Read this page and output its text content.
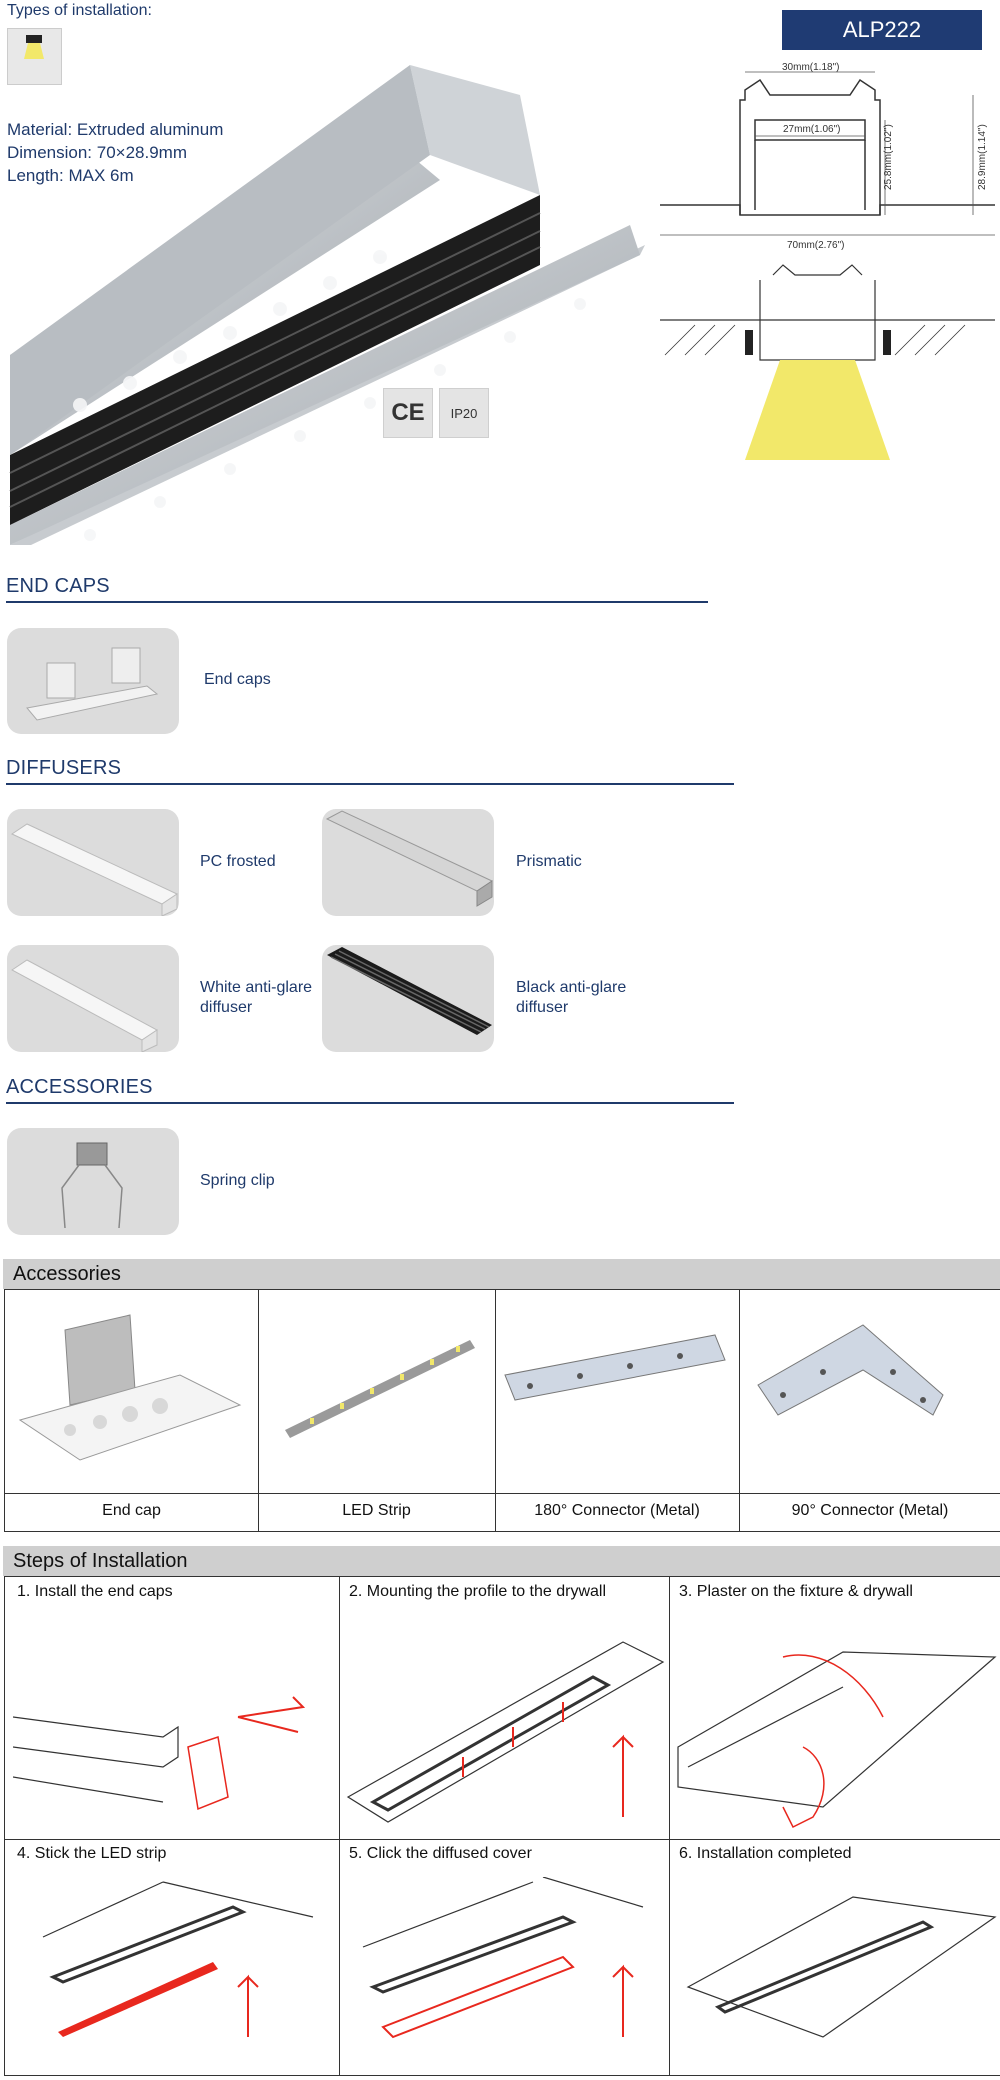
Types of installation:
Material: Extruded aluminum
Dimension: 70×28.9mm
Length: MAX 6m
CE	IP20
ALP222
30mm(1.18")
27mm(1.06")	25.8mm(1.02")	28.9mm(1.14")
70mm(2.76")
END CAPS
End caps
DIFFUSERS
PC frosted	Prismatic
White anti-glare diffuser
Black anti-glare diffuser
ACCESSORIES
Spring clip
Accessories
End cap	LED Strip	180° Connector (Metal)	90° Connector (Metal)
Steps of Installation
1. Install the end caps	2. Mounting the profile to the drywall	3. Plaster on the fixture & drywall
4. Stick the LED strip	5. Click the diffused cover	6. Installation completed
